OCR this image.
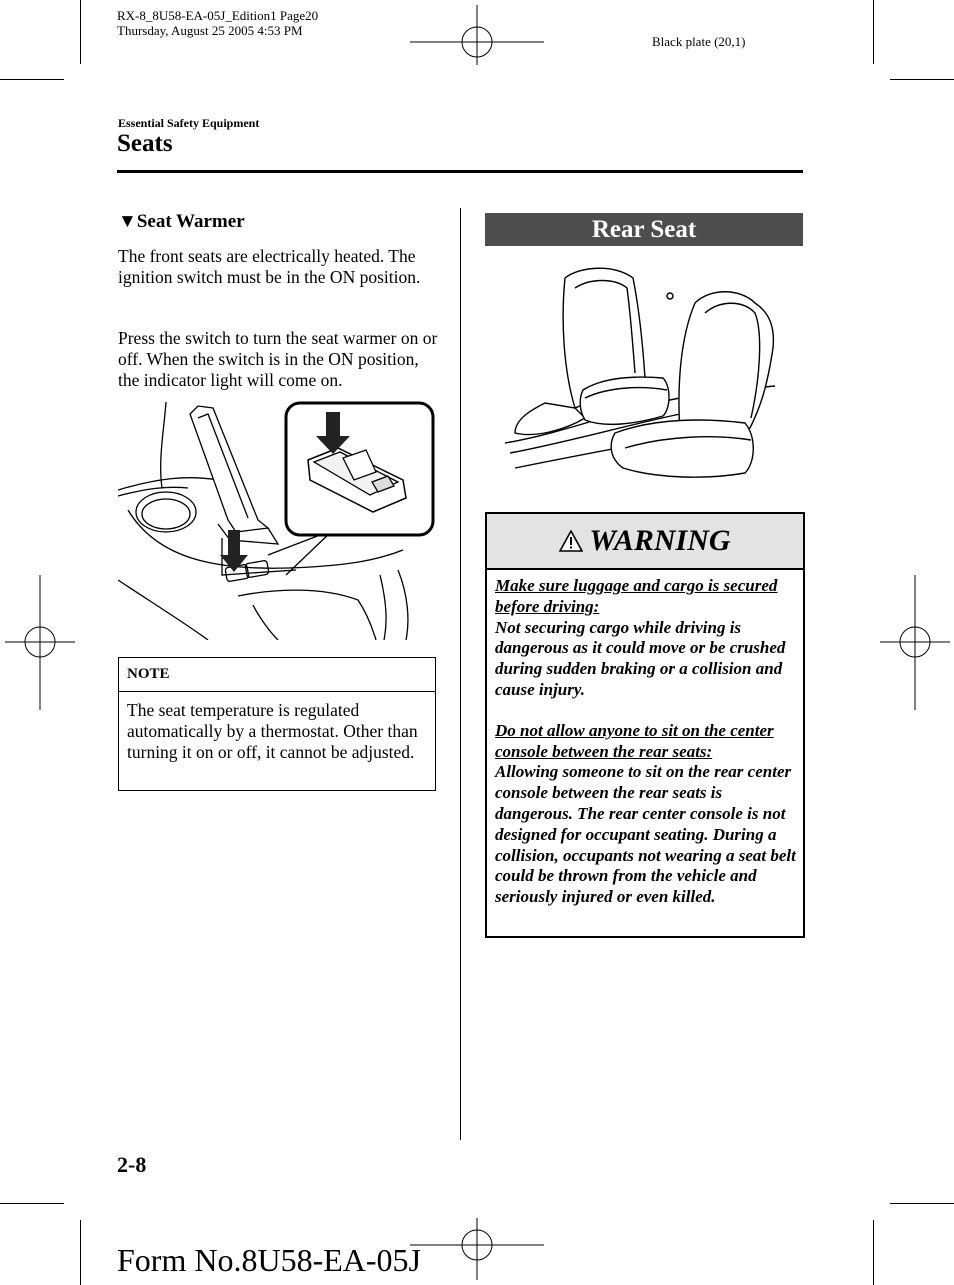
RX-8_8U58-EA-05J_Edition1 Page20
Thursday, August 25 2005 4:53 PM
Black plate (20,1)
Essential Safety Equipment
Seats
▼Seat Warmer
The front seats are electrically heated. The ignition switch must be in the ON position.
Press the switch to turn the seat warmer on or off. When the switch is in the ON position, the indicator light will come on.
NOTE
The seat temperature is regulated automatically by a thermostat. Other than turning it on or off, it cannot be adjusted.
Rear Seat
WARNING
Make sure luggage and cargo is secured before driving:
Not securing cargo while driving is dangerous as it could move or be crushed during sudden braking or a collision and cause injury.
Do not allow anyone to sit on the center console between the rear seats:
Allowing someone to sit on the rear center console between the rear seats is dangerous. The rear center console is not designed for occupant seating. During a collision, occupants not wearing a seat belt could be thrown from the vehicle and seriously injured or even killed.
2-8
Form No.8U58-EA-05J
